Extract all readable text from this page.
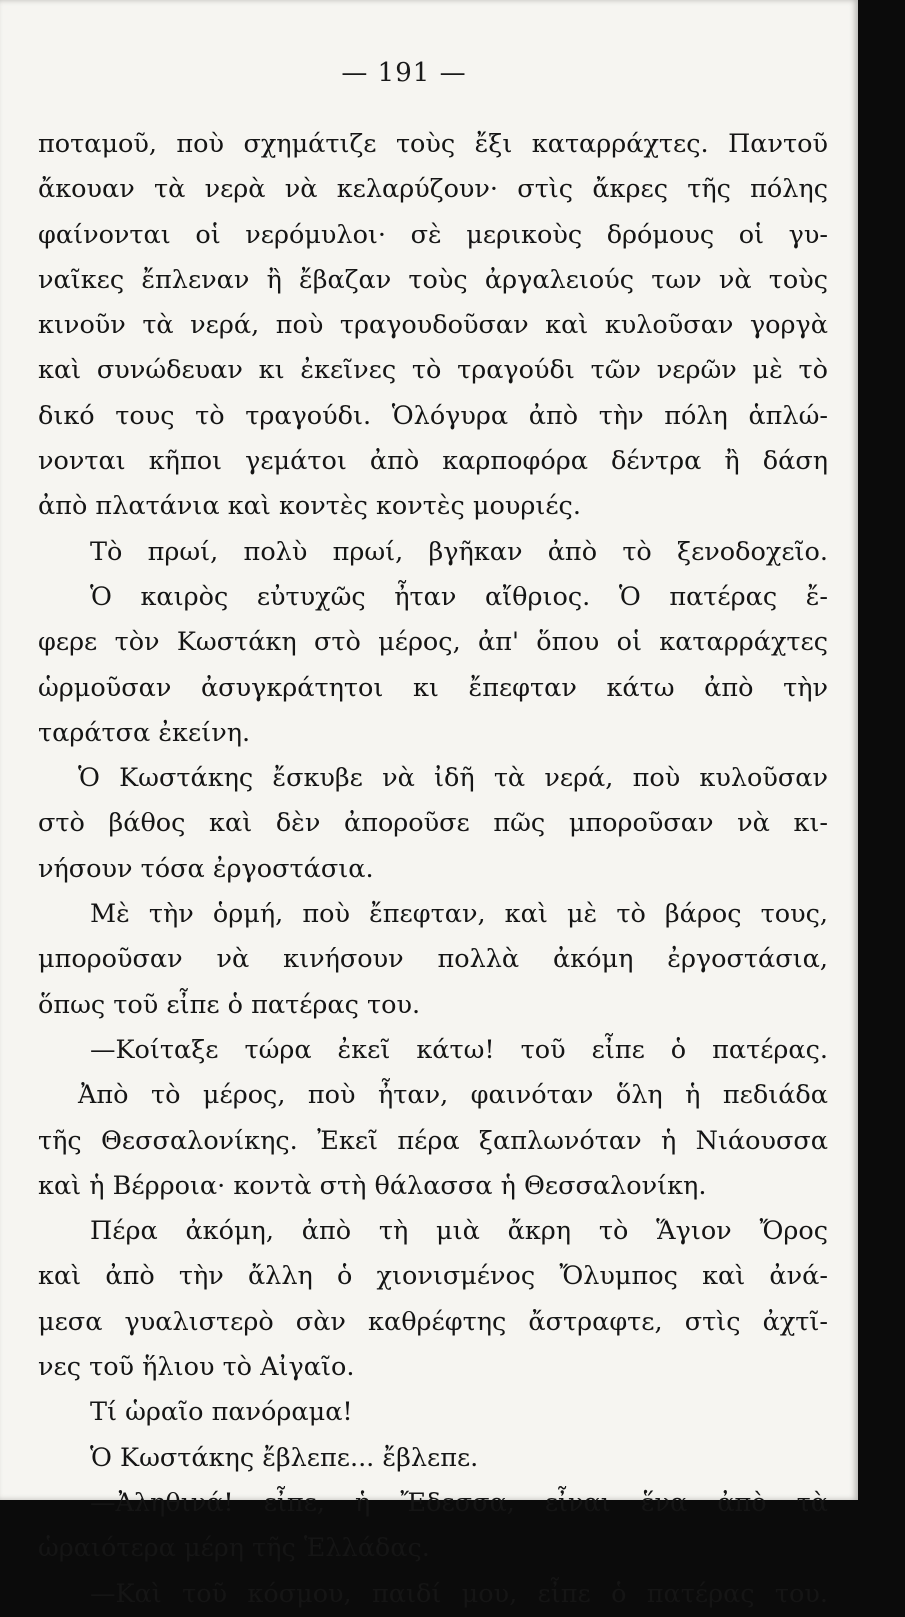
— 191 —
ποταμοῦ, ποὺ σχημάτιζε τοὺς ἔξι καταρράχτες. Παντοῦ
ἄκουαν τὰ νερὰ νὰ κελαρύζουν· στὶς ἄκρες τῆς πόλης
φαίνονται οἱ νερόμυλοι· σὲ μερικοὺς δρόμους οἱ γυ-
ναῖκες ἔπλεναν ἢ ἔβαζαν τοὺς ἀργαλειούς των νὰ τοὺς
κινοῦν τὰ νερά, ποὺ τραγουδοῦσαν καὶ κυλοῦσαν γοργὰ
καὶ συνώδευαν κι ἐκεῖνες τὸ τραγούδι τῶν νερῶν μὲ τὸ
δικό τους τὸ τραγούδι. Ὁλόγυρα ἀπὸ τὴν πόλη ἁπλώ-
νονται κῆποι γεμάτοι ἀπὸ καρποφόρα δέντρα ἢ δάση
ἀπὸ πλατάνια καὶ κοντὲς κοντὲς μουριές.
Τὸ πρωί, πολὺ πρωί, βγῆκαν ἀπὸ τὸ ξενοδοχεῖο.
Ὁ καιρὸς εὐτυχῶς ἦταν αἴθριος. Ὁ πατέρας ἔ-
φερε τὸν Κωστάκη στὸ μέρος, ἀπ' ὅπου οἱ καταρράχτες
ὡρμοῦσαν ἀσυγκράτητοι κι ἔπεφταν κάτω ἀπὸ τὴν
ταράτσα ἐκείνη.
Ὁ Κωστάκης ἔσκυβε νὰ ἰδῆ τὰ νερά, ποὺ κυλοῦσαν
στὸ βάθος καὶ δὲν ἀποροῦσε πῶς μποροῦσαν νὰ κι-
νήσουν τόσα ἐργοστάσια.
Μὲ τὴν ὁρμή, ποὺ ἔπεφταν, καὶ μὲ τὸ βάρος τους,
μποροῦσαν νὰ κινήσουν πολλὰ ἀκόμη ἐργοστάσια,
ὅπως τοῦ εἶπε ὁ πατέρας του.
—Κοίταξε τώρα ἐκεῖ κάτω! τοῦ εἶπε ὁ πατέρας.
Ἀπὸ τὸ μέρος, ποὺ ἦταν, φαινόταν ὅλη ἡ πεδιάδα
τῆς Θεσσαλονίκης. Ἐκεῖ πέρα ξαπλωνόταν ἡ Νιάουσσα
καὶ ἡ Βέρροια· κοντὰ στὴ θάλασσα ἡ Θεσσαλονίκη.
Πέρα ἀκόμη, ἀπὸ τὴ μιὰ ἄκρη τὸ Ἅγιον Ὄρος
καὶ ἀπὸ τὴν ἄλλη ὁ χιονισμένος Ὄλυμπος καὶ ἀνά-
μεσα γυαλιστερὸ σὰν καθρέφτης ἄστραφτε, στὶς ἀχτῖ-
νες τοῦ ἥλιου τὸ Αἰγαῖο.
Τί ὡραῖο πανόραμα!
Ὁ Κωστάκης ἔβλεπε... ἔβλεπε.
—Ἀληθινά! εἶπε, ἡ Ἔδεσσα, εἶναι ἕνα ἀπὸ τὰ
ὡραιότερα μέρη τῆς Ἑλλάδας.
—Καὶ τοῦ κόσμου, παιδί μου, εἶπε ὁ πατέρας του.
